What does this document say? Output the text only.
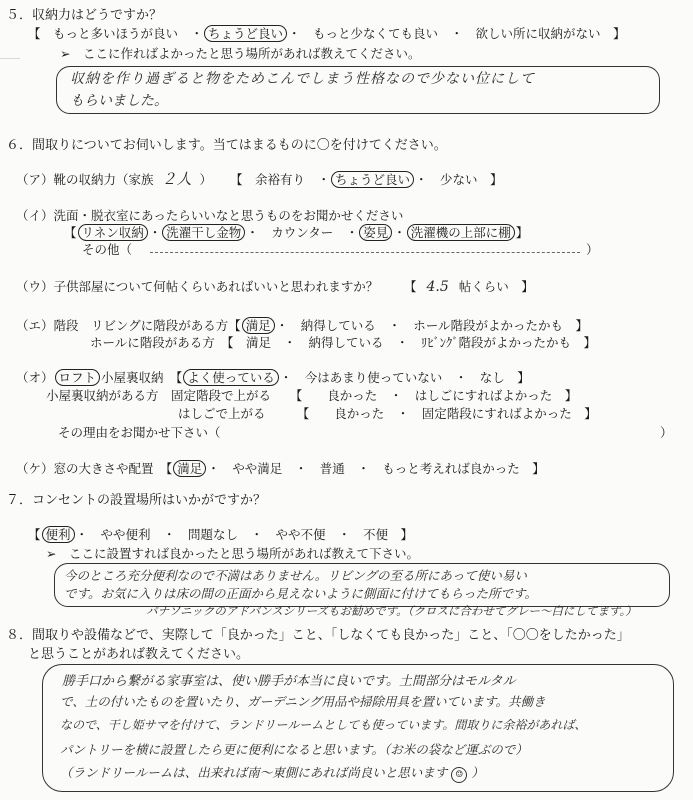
５．収納力はどうですか？
【　もっと多いほうが良い　・ ちょうど良い ・　もっと少なくても良い　・　欲しい所に収納がない　】
➢　ここに作ればよかったと思う場所があれば教えてください。
収納を作り過ぎると物をためこんでしまう性格なので少ない位にして
もらいました。
６．間取りについてお伺いします。当てはまるものに〇を付けてください。
（ア）靴の収納力（家族 ２人 ） 【　余裕有り　・ ちょうど良い ・　少ない　】
（イ）洗面・脱衣室にあったらいいなと思うものをお聞かせください
【 リネン収納 ・ 洗濯干し金物 ・　カウンター　・ 姿見 ・ 洗濯機の上部に棚 】
その他（	）
（ウ）子供部屋について何帖くらいあればいいと思われますか？ 【 4.5 帖くらい　】
（エ）階段　リビングに階段がある方【 満足 ・　納得している　・　ホール階段がよかったかも　】
ホールに階段がある方　【　満足　・　納得している　・　ﾘﾋﾞﾝｸﾞ階段がよかったかも　】
（オ） ロフト 小屋裏収納　【 よく使っている ・　今はあまり使っていない　・　なし　】
小屋裏収納がある方　固定階段で上がる　　【　　良かった　・　はしごにすればよかった　】
はしごで上がる　　　【　　良かった　・　固定階段にすればよかった　】
その理由をお聞かせ下さい（	）
（ケ）窓の大きさや配置　【 満足 ・　やや満足　・　普通　・　もっと考えれば良かった　】
７．コンセントの設置場所はいかがですか？
【 便利 ・　やや便利　・　問題なし　・　やや不便　・　不便　】
➢　ここに設置すれば良かったと思う場所があれば教えて下さい。
今のところ充分便利なので不満はありません。リビングの至る所にあって使い易い
です。お気に入りは床の間の正面から見えないように側面に付けてもらった所です。
パナソニックのアドバンスシリーズもお勧めです。（クロスに合わせてグレー〜白にしてます。）
８．間取りや設備などで、実際して「良かった」こと、「しなくても良かった」こと、「〇〇をしたかった」
と思うことがあれば教えてください。
勝手口から繋がる家事室は、使い勝手が本当に良いです。土間部分はモルタル
で、土の付いたものを置いたり、ガーデニング用品や掃除用具を置いています。共働き
なので、干し姫サマを付けて、ランドリールームとしても使っています。間取りに余裕があれば、
パントリーを横に設置したら更に便利になると思います。（お米の袋など運ぶので）
（ランドリールームは、出来れば南〜東側にあれば尚良いと思います ☺ ）
